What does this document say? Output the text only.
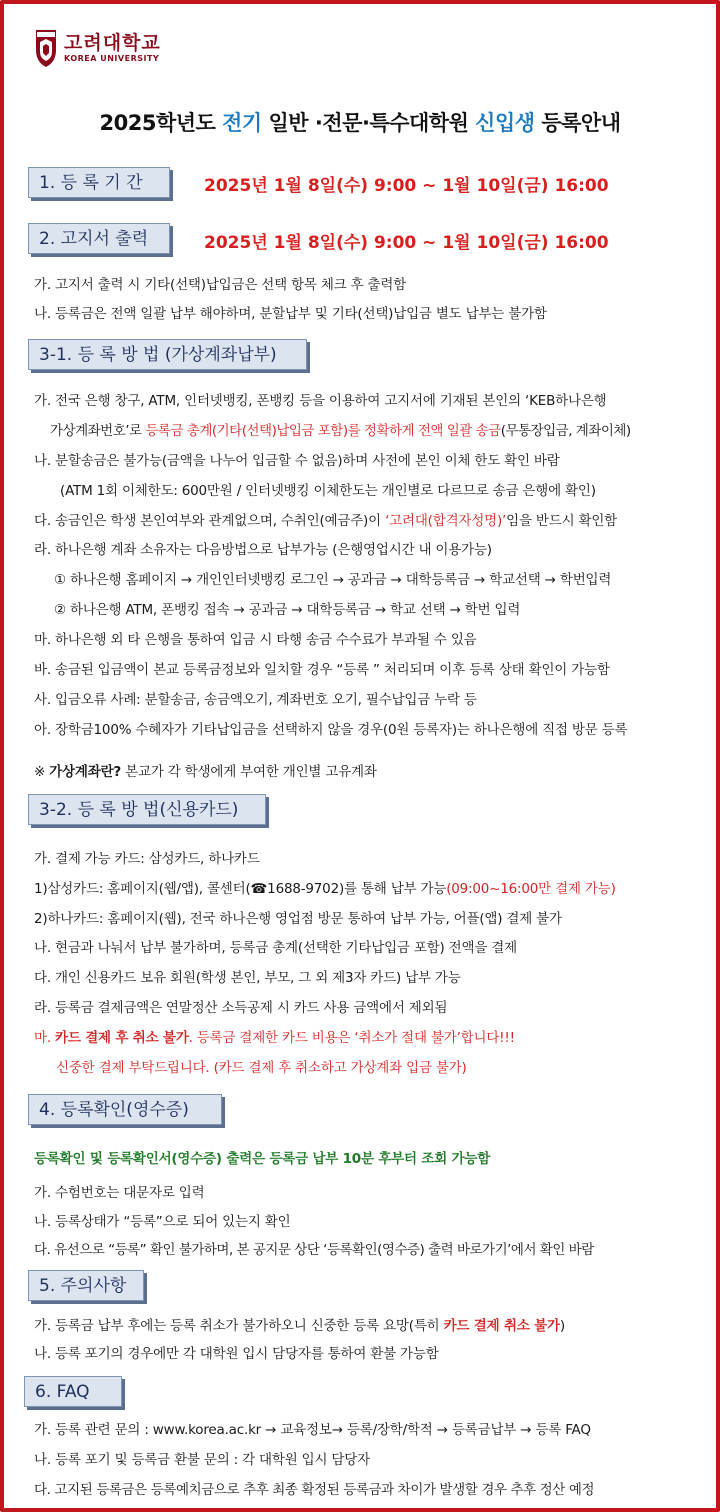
고려대학교
KOREA UNIVERSITY
2025학년도 전기 일반 ·전문·특수대학원 신입생 등록안내
1. 등 록 기 간	2025년 1월 8일(수) 9:00 ~ 1월 10일(금) 16:00
2. 고지서 출력	2025년 1월 8일(수) 9:00 ~ 1월 10일(금) 16:00
가. 고지서 출력 시 기타(선택)납입금은 선택 항목 체크 후 출력함
나. 등록금은 전액 일괄 납부 해야하며, 분할납부 및 기타(선택)납입금 별도 납부는 불가함
3-1. 등 록 방 법 (가상계좌납부)
가. 전국 은행 창구, ATM, 인터넷뱅킹, 폰뱅킹 등을 이용하여 고지서에 기재된 본인의 ‘KEB하나은행
가상계좌번호’로 등록금 총계(기타(선택)납입금 포함)를 정확하게 전액 일괄 송금(무통장입금, 계좌이체)
나. 분할송금은 불가능(금액을 나누어 입금할 수 없음)하며 사전에 본인 이체 한도 확인 바람
(ATM 1회 이체한도: 600만원 / 인터넷뱅킹 이체한도는 개인별로 다르므로 송금 은행에 확인)
다. 송금인은 학생 본인여부와 관계없으며, 수취인(예금주)이 ‘고려대(합격자성명)’임을 반드시 확인함
라. 하나은행 계좌 소유자는 다음방법으로 납부가능 (은행영업시간 내 이용가능)
① 하나은행 홈페이지 → 개인인터넷뱅킹 로그인 → 공과금 → 대학등록금 → 학교선택 → 학번입력
② 하나은행 ATM, 폰뱅킹 접속 → 공과금 → 대학등록금 → 학교 선택 → 학번 입력
마. 하나은행 외 타 은행을 통하여 입금 시 타행 송금 수수료가 부과될 수 있음
바. 송금된 입금액이 본교 등록금정보와 일치할 경우 “등록 ” 처리되며 이후 등록 상태 확인이 가능함
사. 입금오류 사례: 분할송금, 송금액오기, 계좌번호 오기, 필수납입금 누락 등
아. 장학금100% 수혜자가 기타납입금을 선택하지 않을 경우(0원 등록자)는 하나은행에 직접 방문 등록
※ 가상계좌란? 본교가 각 학생에게 부여한 개인별 고유계좌
3-2. 등 록 방 법(신용카드)
가. 결제 가능 카드: 삼성카드, 하나카드
1)삼성카드: 홈페이지(웹/앱), 콜센터(☎1688-9702)를 통해 납부 가능(09:00~16:00만 결제 가능)
2)하나카드: 홈페이지(웹), 전국 하나은행 영업점 방문 통하여 납부 가능, 어플(앱) 결제 불가
나. 현금과 나눠서 납부 불가하며, 등록금 총계(선택한 기타납입금 포함) 전액을 결제
다. 개인 신용카드 보유 회원(학생 본인, 부모, 그 외 제3자 카드) 납부 가능
라. 등록금 결제금액은 연말정산 소득공제 시 카드 사용 금액에서 제외됨
마. 카드 결제 후 취소 불가. 등록금 결제한 카드 비용은 ‘취소가 절대 불가’합니다!!!
신중한 결제 부탁드립니다. (카드 결제 후 취소하고 가상계좌 입금 불가)
4. 등록확인(영수증)
등록확인 및 등록확인서(영수증) 출력은 등록금 납부 10분 후부터 조회 가능함
가. 수험번호는 대문자로 입력
나. 등록상태가 “등록”으로 되어 있는지 확인
다. 유선으로 “등록” 확인 불가하며, 본 공지문 상단 ‘등록확인(영수증) 출력 바로가기’에서 확인 바람
5. 주의사항
가. 등록금 납부 후에는 등록 취소가 불가하오니 신중한 등록 요망(특히 카드 결제 취소 불가)
나. 등록 포기의 경우에만 각 대학원 입시 담당자를 통하여 환불 가능함
6. FAQ
가. 등록 관련 문의 : www.korea.ac.kr → 교육정보→ 등록/장학/학적 → 등록금납부 → 등록 FAQ
나. 등록 포기 및 등록금 환불 문의 : 각 대학원 입시 담당자
다. 고지된 등록금은 등록예치금으로 추후 최종 확정된 등록금과 차이가 발생할 경우 추후 정산 예정
